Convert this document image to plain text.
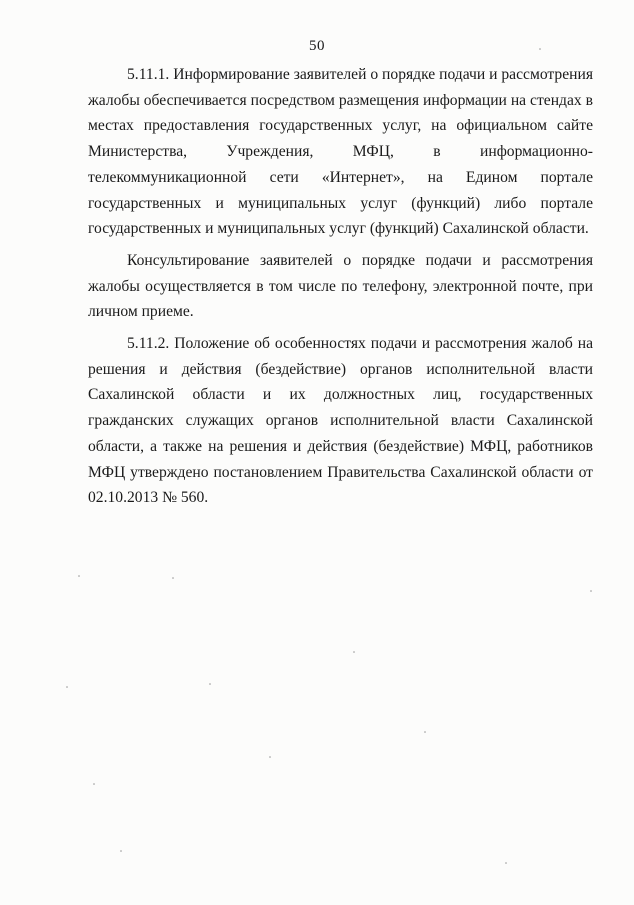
50

5.11.1. Информирование заявителей о порядке подачи и рассмотрения жалобы обеспечивается посредством размещения информации на стендах в местах предоставления государственных услуг, на официальном сайте Министерства, Учреждения, МФЦ, в информационно-телекоммуникационной сети «Интернет», на Едином портале государственных и муниципальных услуг (функций) либо портале государственных и муниципальных услуг (функций) Сахалинской области.

Консультирование заявителей о порядке подачи и рассмотрения жалобы осуществляется в том числе по телефону, электронной почте, при личном приеме.

5.11.2. Положение об особенностях подачи и рассмотрения жалоб на решения и действия (бездействие) органов исполнительной власти Сахалинской области и их должностных лиц, государственных гражданских служащих органов исполнительной власти Сахалинской области, а также на решения и действия (бездействие) МФЦ, работников МФЦ утверждено постановлением Правительства Сахалинской области от 02.10.2013 № 560.
